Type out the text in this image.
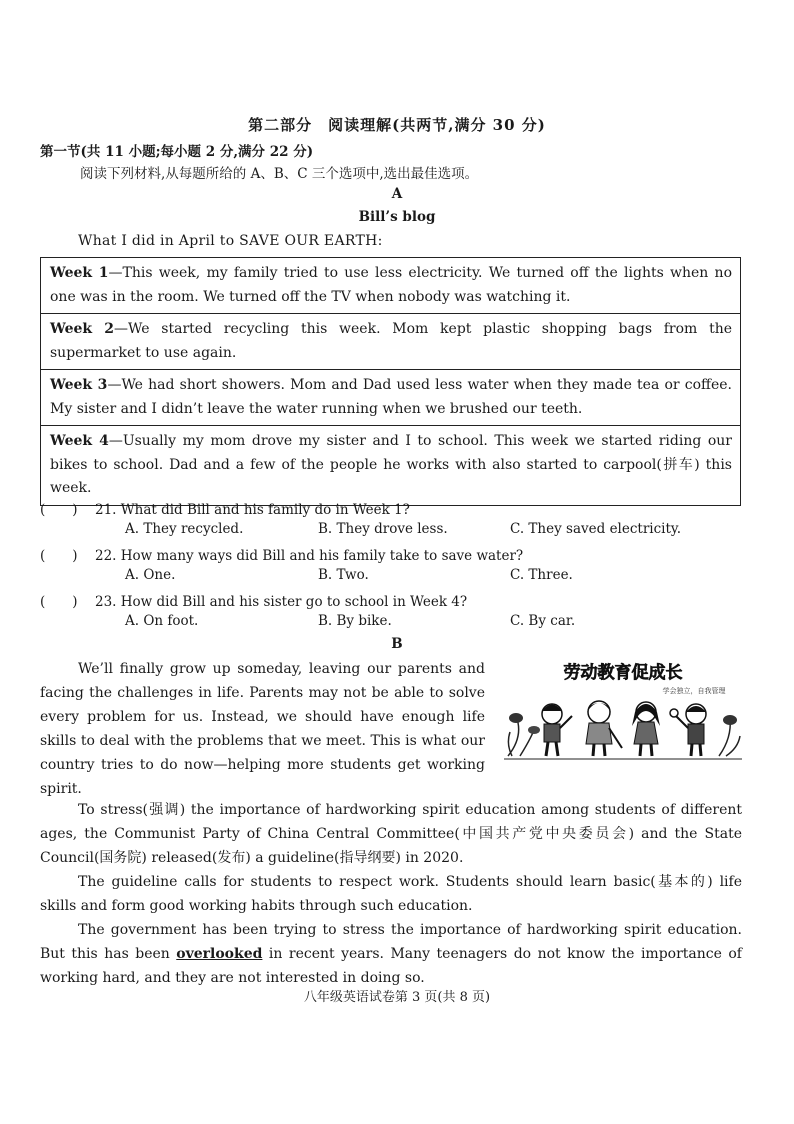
第二部分　阅读理解(共两节,满分 30 分)
第一节(共 11 小题;每小题 2 分,满分 22 分)
阅读下列材料,从每题所给的 A、B、C 三个选项中,选出最佳选项。
A
Bill’s blog
What I did in April to SAVE OUR EARTH:
Week 1—This week, my family tried to use less electricity. We turned off the lights when no one was in the room. We turned off the TV when nobody was watching it.
Week 2—We started recycling this week. Mom kept plastic shopping bags from the supermarket to use again.
Week 3—We had short showers. Mom and Dad used less water when they made tea or coffee. My sister and I didn’t leave the water running when we brushed our teeth.
Week 4—Usually my mom drove my sister and I to school. This week we started riding our bikes to school. Dad and a few of the people he works with also started to carpool(拼车) this week.
(　　) 21. What did Bill and his family do in Week 1?
A. They recycled.	B. They drove less.	C. They saved electricity.
(　　) 22. How many ways did Bill and his family take to save water?
A. One.	B. Two.	C. Three.
(　　) 23. How did Bill and his sister go to school in Week 4?
A. On foot.	B. By bike.	C. By car.
B

We’ll finally grow up someday, leaving our parents and facing the challenges in life. Parents may not be able to solve every problem for us. Instead, we should have enough life skills to deal with the problems that we meet. This is what our country tries to do now—helping more students get working spirit.

劳动教育促成长
学会独立，自我管理

To stress(强调) the importance of hardworking spirit education among students of different ages, the Communist Party of China Central Committee(中国共产党中央委员会) and the State Council(国务院) released(发布) a guideline(指导纲要) in 2020.

The guideline calls for students to respect work. Students should learn basic(基本的) life skills and form good working habits through such education.

The government has been trying to stress the importance of hardworking spirit education. But this has been overlooked in recent years. Many teenagers do not know the importance of working hard, and they are not interested in doing so.

八年级英语试卷第 3 页(共 8 页)
